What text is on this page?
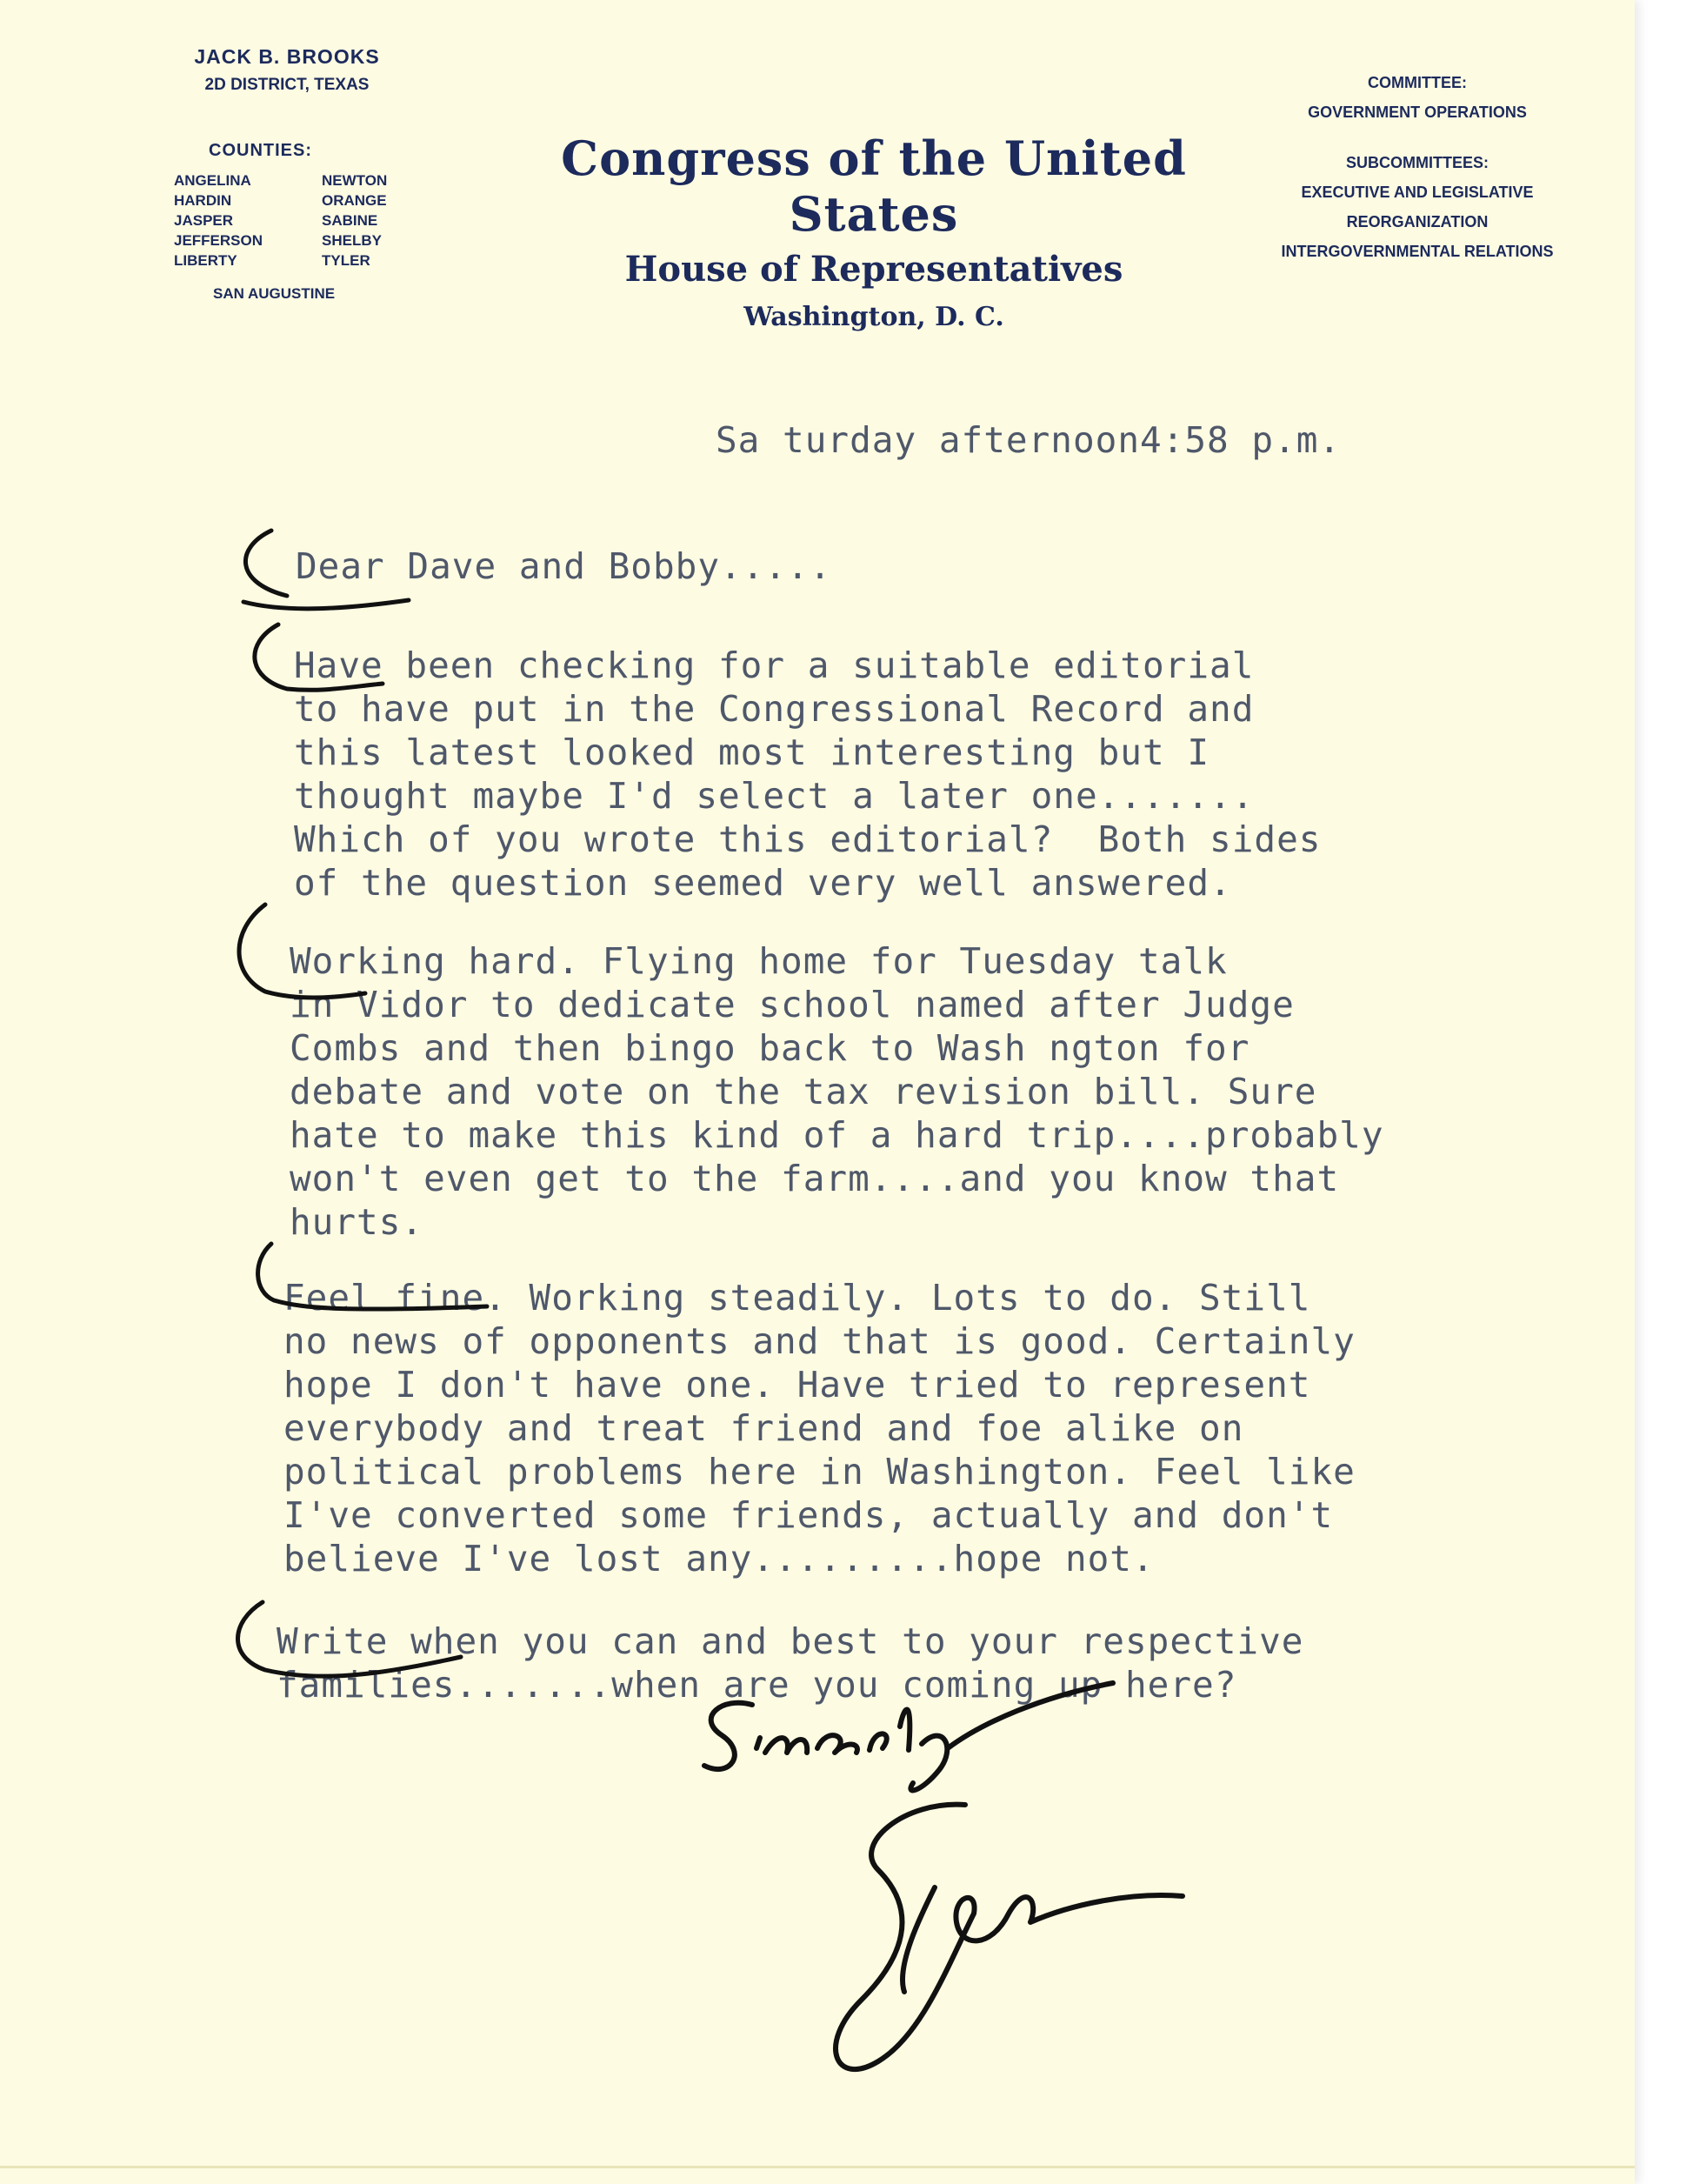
JACK B. BROOKS
2D DISTRICT, TEXAS
COUNTIES:
ANGELINA	NEWTON
HARDIN	ORANGE
JASPER	SABINE
JEFFERSON	SHELBY
LIBERTY	TYLER
SAN AUGUSTINE
Congress of the United States
House of Representatives
Washington, D. C.
COMMITTEE:
GOVERNMENT OPERATIONS
SUBCOMMITTEES:
EXECUTIVE AND LEGISLATIVE
REORGANIZATION
INTERGOVERNMENTAL RELATIONS
Sa turday afternoon4:58 p.m.
Dear Dave and Bobby.....
Have been checking for a suitable editorial
to have put in the Congressional Record and
this latest looked most interesting but I
thought maybe I'd select a later one.......
Which of you wrote this editorial?  Both sides
of the question seemed very well answered.
Working hard. Flying home for Tuesday talk
in Vidor to dedicate school named after Judge
Combs and then bingo back to Wash ngton for
debate and vote on the tax revision bill. Sure
hate to make this kind of a hard trip....probably
won't even get to the farm....and you know that
hurts.
Feel fine. Working steadily. Lots to do. Still
no news of opponents and that is good. Certainly
hope I don't have one. Have tried to represent
everybody and treat friend and foe alike on
political problems here in Washington. Feel like
I've converted some friends, actually and don't
believe I've lost any.........hope not.
Write when you can and best to your respective
families.......when are you coming up here?
